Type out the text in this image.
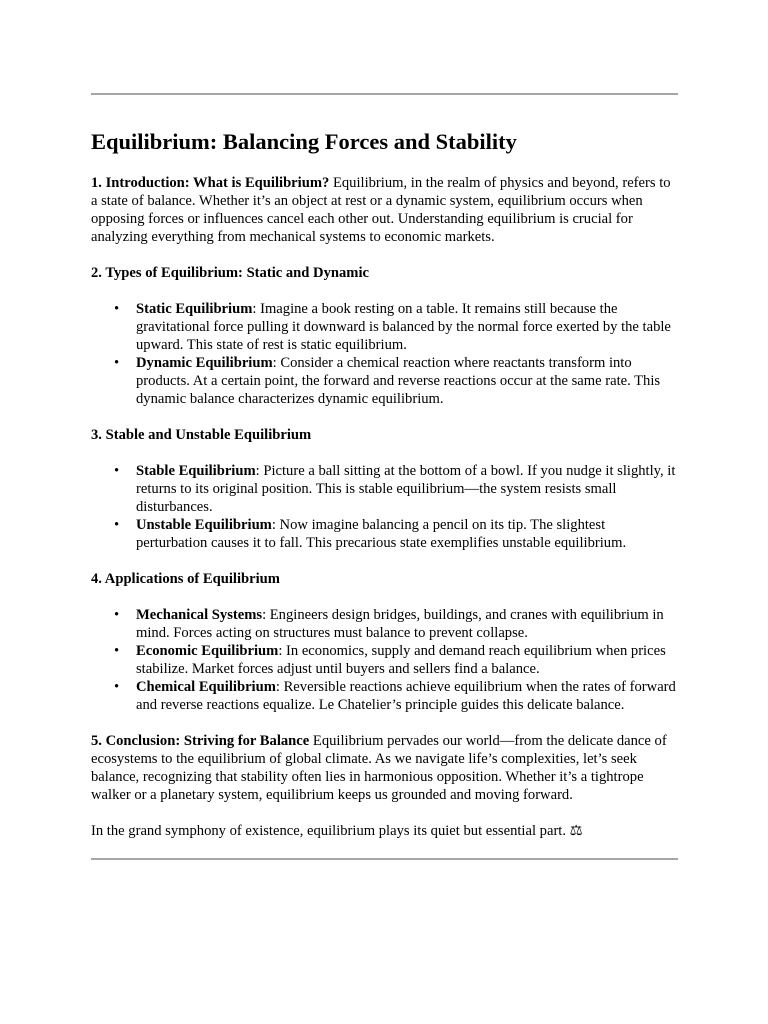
Equilibrium: Balancing Forces and Stability

1. Introduction: What is Equilibrium? Equilibrium, in the realm of physics and beyond, refers to a state of balance. Whether it’s an object at rest or a dynamic system, equilibrium occurs when opposing forces or influences cancel each other out. Understanding equilibrium is crucial for analyzing everything from mechanical systems to economic markets.

2. Types of Equilibrium: Static and Dynamic
• Static Equilibrium: Imagine a book resting on a table. It remains still because the gravitational force pulling it downward is balanced by the normal force exerted by the table upward. This state of rest is static equilibrium.
• Dynamic Equilibrium: Consider a chemical reaction where reactants transform into products. At a certain point, the forward and reverse reactions occur at the same rate. This dynamic balance characterizes dynamic equilibrium.
3. Stable and Unstable Equilibrium
• Stable Equilibrium: Picture a ball sitting at the bottom of a bowl. If you nudge it slightly, it returns to its original position. This is stable equilibrium—the system resists small disturbances.
• Unstable Equilibrium: Now imagine balancing a pencil on its tip. The slightest perturbation causes it to fall. This precarious state exemplifies unstable equilibrium.
4. Applications of Equilibrium
• Mechanical Systems: Engineers design bridges, buildings, and cranes with equilibrium in mind. Forces acting on structures must balance to prevent collapse.
• Economic Equilibrium: In economics, supply and demand reach equilibrium when prices stabilize. Market forces adjust until buyers and sellers find a balance.
• Chemical Equilibrium: Reversible reactions achieve equilibrium when the rates of forward and reverse reactions equalize. Le Chatelier’s principle guides this delicate balance.

5. Conclusion: Striving for Balance Equilibrium pervades our world—from the delicate dance of ecosystems to the equilibrium of global climate. As we navigate life’s complexities, let’s seek balance, recognizing that stability often lies in harmonious opposition. Whether it’s a tightrope walker or a planetary system, equilibrium keeps us grounded and moving forward.

In the grand symphony of existence, equilibrium plays its quiet but essential part. ⚖
